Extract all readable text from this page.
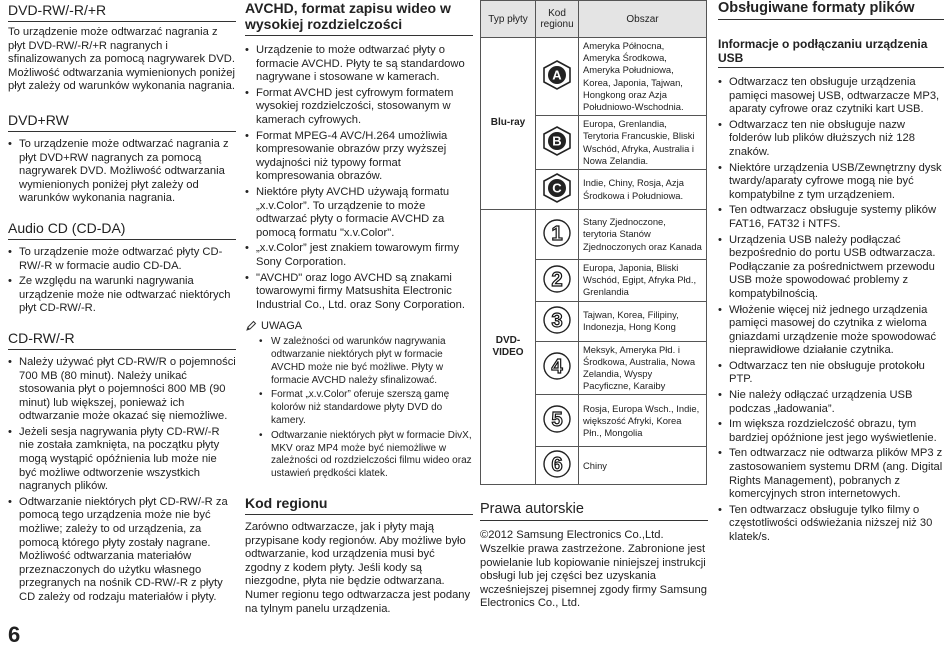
DVD-RW/-R/+R

To urządzenie może odtwarzać nagrania z płyt DVD-RW/-R/+R nagranych i sfinalizowanych za pomocą nagrywarek DVD. Możliwość odtwarzania wymienionych poniżej płyt zależy od warunków wykonania nagrania.

DVD+RW
• To urządzenie może odtwarzać nagrania z płyt DVD+RW nagranych za pomocą nagrywarek DVD. Możliwość odtwarzania wymienionych poniżej płyt zależy od warunków wykonania nagrania.
Audio CD (CD-DA)
• To urządzenie może odtwarzać płyty CD-RW/-R w formacie audio CD-DA.
• Ze względu na warunki nagrywania urządzenie może nie odtwarzać niektórych płyt CD-RW/-R.
CD-RW/-R
• Należy używać płyt CD-RW/R o pojemności 700 MB (80 minut). Należy unikać stosowania płyt o pojemności 800 MB (90 minut) lub większej, ponieważ ich odtwarzanie może okazać się niemożliwe.
• Jeżeli sesja nagrywania płyty CD-RW/-R nie została zamknięta, na początku płyty mogą wystąpić opóźnienia lub może nie być możliwe odtworzenie wszystkich nagranych plików.
• Odtwarzanie niektórych płyt CD-RW/-R za pomocą tego urządzenia może nie być możliwe; zależy to od urządzenia, za pomocą którego płyty zostały nagrane. Możliwość odtwarzania materiałów przeznaczonych do użytku własnego przegranych na nośnik CD-RW/-R z płyty CD zależy od rodzaju materiałów i płyty.
6
AVCHD, format zapisu wideo w wysokiej rozdzielczości
• Urządzenie to może odtwarzać płyty o formacie AVCHD. Płyty te są standardowo nagrywane i stosowane w kamerach.
• Format AVCHD jest cyfrowym formatem wysokiej rozdzielczości, stosowanym w kamerach cyfrowych.
• Format MPEG-4 AVC/H.264 umożliwia kompresowanie obrazów przy wyższej wydajności niż typowy format kompresowania obrazów.
• Niektóre płyty AVCHD używają formatu „x.v.Color”. To urządzenie to może odtwarzać płyty o formacie AVCHD za pomocą formatu "x.v.Color".
• „x.v.Color” jest znakiem towarowym firmy Sony Corporation.
• "AVCHD" oraz logo AVCHD są znakami towarowymi firmy Matsushita Electronic Industrial Co., Ltd. oraz Sony Corporation.
UWAGA
• W zależności od warunków nagrywania odtwarzanie niektórych płyt w formacie AVCHD może nie być możliwe. Płyty w formacie AVCHD należy sfinalizować.
• Format „x.v.Color” oferuje szerszą gamę kolorów niż standardowe płyty DVD do kamery.
• Odtwarzanie niektórych płyt w formacie DivX, MKV oraz MP4 może być niemożliwe w zależności od rozdzielczości filmu wideo oraz ustawień prędkości klatek.
Kod regionu

Zarówno odtwarzacze, jak i płyty mają przypisane kody regionów. Aby możliwe było odtwarzanie, kod urządzenia musi być zgodny z kodem płyty. Jeśli kody są niezgodne, płyta nie będzie odtwarzana. Numer regionu tego odtwarzacza jest podany na tylnym panelu urządzenia.

Typ płyty	Kod regionu	Obszar
Blu-ray	A	Ameryka Północna, Ameryka Środkowa, Ameryka Południowa, Korea, Japonia, Tajwan, Hongkong oraz Azja Południowo-Wschodnia.

B	Europa, Grenlandia, Terytoria Francuskie, Bliski Wschód, Afryka, Australia i Nowa Zelandia.

C	Indie, Chiny, Rosja, Azja Środkowa i Południowa.
DVD-VIDEO	1	Stany Zjednoczone, terytoria Stanów Zjednoczonych oraz Kanada

2	Europa, Japonia, Bliski Wschód, Egipt, Afryka Płd., Grenlandia

3	Tajwan, Korea, Filipiny, Indonezja, Hong Kong

4	Meksyk, Ameryka Płd. i Środkowa, Australia, Nowa Zelandia, Wyspy Pacyficzne, Karaiby

5	Rosja, Europa Wsch., Indie, większość Afryki, Korea Płn., Mongolia

6	Chiny
Prawa autorskie

©2012 Samsung Electronics Co.,Ltd. Wszelkie prawa zastrzeżone. Zabronione jest powielanie lub kopiowanie niniejszej instrukcji obsługi lub jej części bez uzyskania wcześniejszej pisemnej zgody firmy Samsung Electronics Co., Ltd.

Obsługiwane formaty plików
Informacje o podłączaniu urządzenia USB
• Odtwarzacz ten obsługuje urządzenia pamięci masowej USB, odtwarzacze MP3, aparaty cyfrowe oraz czytniki kart USB.
• Odtwarzacz ten nie obsługuje nazw folderów lub plików dłuższych niż 128 znaków.
• Niektóre urządzenia USB/Zewnętrzny dysk twardy/aparaty cyfrowe mogą nie być kompatybilne z tym urządzeniem.
• Ten odtwarzacz obsługuje systemy plików FAT16, FAT32 i NTFS.
• Urządzenia USB należy podłączać bezpośrednio do portu USB odtwarzacza. Podłączanie za pośrednictwem przewodu USB może spowodować problemy z kompatybilnością.
• Włożenie więcej niż jednego urządzenia pamięci masowej do czytnika z wieloma gniazdami urządzenie może spowodować nieprawidłowe działanie czytnika.
• Odtwarzacz ten nie obsługuje protokołu PTP.
• Nie należy odłączać urządzenia USB podczas „ładowania”.
• Im większa rozdzielczość obrazu, tym bardziej opóźnione jest jego wyświetlenie.
• Ten odtwarzacz nie odtwarza plików MP3 z zastosowaniem systemu DRM (ang. Digital Rights Management), pobranych z komercyjnych stron internetowych.
• Ten odtwarzacz obsługuje tylko filmy o częstotliwości odświeżania niższej niż 30 klatek/s.
